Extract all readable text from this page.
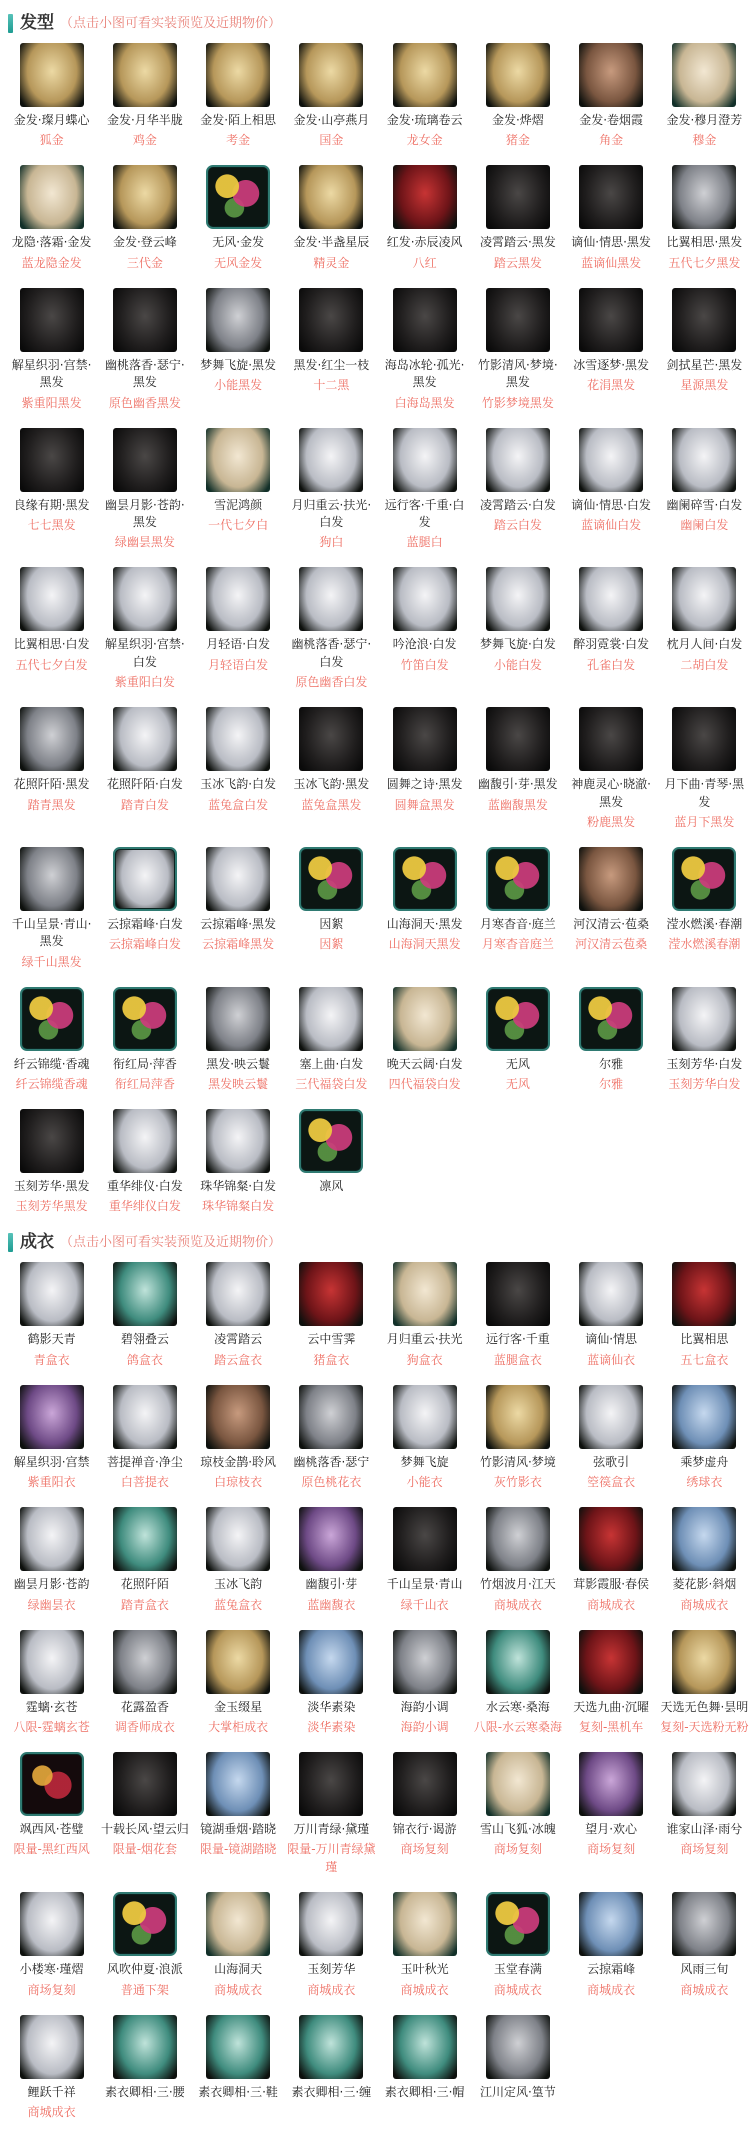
发型 （点击小图可看实装预览及近期物价）
金发·璨月蝶心
狐金
金发·月华半胧
鸡金
金发·陌上相思
考金
金发·山亭燕月
国金
金发·琉璃卷云
龙女金
金发·烨熠
猪金
金发·卷烟霞
角金
金发·穆月澄芳
穆金
龙隐·落霜·金发
蓝龙隐金发
金发·登云峰
三代金
无风·金发
无风金发
金发·半盏星辰
精灵金
红发·赤辰凌风
八红
凌霄踏云·黑发
踏云黑发
谪仙·情思·黑发
蓝谪仙黑发
比翼相思·黑发
五代七夕黑发
解星织羽·宫禁·黑发
紫重阳黑发
幽桃落香·瑟宁·黑发
原色幽香黑发
梦舞飞旋·黑发
小能黑发
黑发·红尘一枝
十二黑
海岛冰轮·孤光·黑发
白海岛黑发
竹影清风·梦境·黑发
竹影梦境黑发
冰雪逐梦·黑发
花涓黑发
剑拭星芒·黑发
星源黑发
良缘有期·黑发
七七黑发
幽昙月影·苍韵·黑发
绿幽昙黑发
雪泥鸿颜
一代七夕白
月归重云·扶光·白发
狗白
远行客·千重·白发
蓝腿白
凌霄踏云·白发
踏云白发
谪仙·情思·白发
蓝谪仙白发
幽阑碎雪·白发
幽阑白发
比翼相思·白发
五代七夕白发
解星织羽·宫禁·白发
紫重阳白发
月轻语·白发
月轻语白发
幽桃落香·瑟宁·白发
原色幽香白发
吟沧浪·白发
竹笛白发
梦舞飞旋·白发
小能白发
醉羽霓裳·白发
孔雀白发
枕月人间·白发
二胡白发
花照阡陌·黑发
踏青黑发
花照阡陌·白发
踏青白发
玉冰飞韵·白发
蓝兔盒白发
玉冰飞韵·黑发
蓝兔盒黑发
圆舞之诗·黑发
圆舞盒黑发
幽馥引·芽·黑发
蓝幽馥黑发
神鹿灵心·晓澈·黑发
粉鹿黑发
月下曲·青琴·黑发
蓝月下黑发
千山呈景·青山·黑发
绿千山黑发
云掠霜峰·白发
云掠霜峰白发
云掠霜峰·黑发
云掠霜峰黑发
因絮
因絮
山海洞天·黑发
山海洞天黑发
月寒杳音·庭兰
月寒杳音庭兰
河汉清云·苞桑
河汉清云苞桑
滢水燃溪·春潮
滢水燃溪春潮
纤云锦缆·香魂
纤云锦缆香魂
衔红局·萍香
衔红局萍香
黑发·映云鬟
黑发映云鬟
塞上曲·白发
三代福袋白发
晚天云阔·白发
四代福袋白发
无风
无风
尔雅
尔雅
玉刻芳华·白发
玉刻芳华白发
玉刻芳华·黑发
玉刻芳华黑发
重华绯仪·白发
重华绯仪白发
珠华锦粲·白发
珠华锦粲白发
凛风
成衣 （点击小图可看实装预览及近期物价）
鹤影天青
青盒衣
碧翎叠云
鸽盒衣
凌霄踏云
踏云盒衣
云中雪霁
猪盒衣
月归重云·扶光
狗盒衣
远行客·千重
蓝腿盒衣
谪仙·情思
蓝谪仙衣
比翼相思
五七盒衣
解星织羽·宫禁
紫重阳衣
菩提禅音·净尘
白菩提衣
琼枝金鹊·聆风
白琼枝衣
幽桃落香·瑟宁
原色桃花衣
梦舞飞旋
小能衣
竹影清风·梦境
灰竹影衣
弦歌引
箜篌盒衣
乘梦虚舟
绣球衣
幽昙月影·苍韵
绿幽昙衣
花照阡陌
踏青盒衣
玉冰飞韵
蓝兔盒衣
幽馥引·芽
蓝幽馥衣
千山呈景·青山
绿千山衣
竹烟波月·江天
商城成衣
茸影霞服·春侯
商城成衣
菱花影·斜烟
商城成衣
霆螭·玄苍
八限-霆螭玄苍
花露盈香
调香师成衣
金玉缀星
大掌柜成衣
淡华素染
淡华素染
海韵小调
海韵小调
水云寒·桑海
八限-水云寒桑海
天选九曲·沉曜
复刻-黑机车
天选无色舞·昙明
复刻-天选粉无粉
飒西风·苍璧
限量-黑红西风
十载长风·望云归
限量-烟花套
镜湖垂烟·踏晓
限量-镜湖踏晓
万川青绿·黛瑾
限量-万川青绿黛瑾
锦衣行·谒游
商场复刻
雪山飞狐·冰魄
商场复刻
望月·欢心
商场复刻
谁家山泽·雨兮
商场复刻
小楼寒·瑾熠
商场复刻
风吹仲夏·浪派
普通下架
山海洞天
商城成衣
玉刻芳华
商城成衣
玉叶秋光
商城成衣
玉堂春满
商城成衣
云掠霜峰
商城成衣
风雨三旬
商城成衣
鲤跃千祥
商城成衣
素衣卿相·三·腰 素衣卿相·三·鞋 素衣卿相·三·缠 素衣卿相·三·帽 江川定风·篁节
